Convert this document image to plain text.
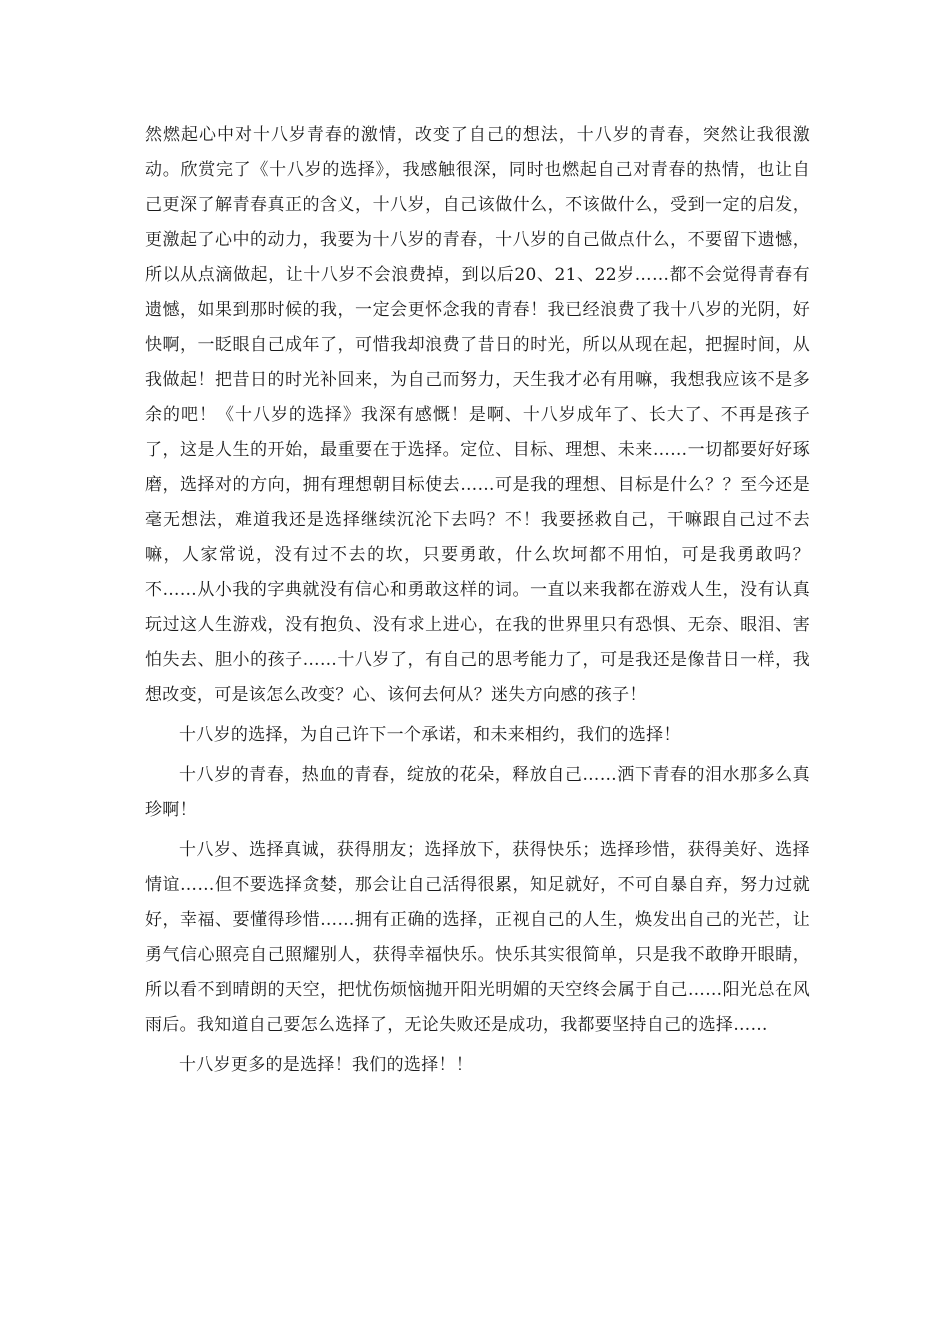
然燃起心中对十八岁青春的激情，改变了自己的想法，十八岁的青春，突然让我很激动。欣赏完了《十八岁的选择》，我感触很深，同时也燃起自己对青春的热情，也让自己更深了解青春真正的含义，十八岁，自己该做什么，不该做什么，受到一定的启发，更激起了心中的动力，我要为十八岁的青春，十八岁的自己做点什么，不要留下遗憾，所以从点滴做起，让十八岁不会浪费掉，到以后20、21、22岁……都不会觉得青春有遗憾，如果到那时候的我，一定会更怀念我的青春！我已经浪费了我十八岁的光阴，好快啊，一眨眼自己成年了，可惜我却浪费了昔日的时光，所以从现在起，把握时间，从我做起！把昔日的时光补回来，为自己而努力，天生我才必有用嘛，我想我应该不是多余的吧！《十八岁的选择》我深有感慨！是啊、十八岁成年了、长大了、不再是孩子了，这是人生的开始，最重要在于选择。定位、目标、理想、未来……一切都要好好琢磨，选择对的方向，拥有理想朝目标使去……可是我的理想、目标是什么？？至今还是毫无想法，难道我还是选择继续沉沦下去吗？不！我要拯救自己，干嘛跟自己过不去嘛，人家常说，没有过不去的坎，只要勇敢，什么坎坷都不用怕，可是我勇敢吗？不……从小我的字典就没有信心和勇敢这样的词。一直以来我都在游戏人生，没有认真玩过这人生游戏，没有抱负、没有求上进心，在我的世界里只有恐惧、无奈、眼泪、害怕失去、胆小的孩子……十八岁了，有自己的思考能力了，可是我还是像昔日一样，我想改变，可是该怎么改变？心、该何去何从？迷失方向感的孩子！

十八岁的选择，为自己许下一个承诺，和未来相约，我们的选择！

十八岁的青春，热血的青春，绽放的花朵，释放自己……洒下青春的泪水那多么真珍啊！

十八岁、选择真诚，获得朋友；选择放下，获得快乐；选择珍惜，获得美好、选择情谊……但不要选择贪婪，那会让自己活得很累，知足就好，不可自暴自弃，努力过就好，幸福、要懂得珍惜……拥有正确的选择，正视自己的人生，焕发出自己的光芒，让勇气信心照亮自己照耀别人，获得幸福快乐。快乐其实很简单，只是我不敢睁开眼睛，所以看不到晴朗的天空，把忧伤烦恼抛开阳光明媚的天空终会属于自己……阳光总在风雨后。我知道自己要怎么选择了，无论失败还是成功，我都要坚持自己的选择……

十八岁更多的是选择！我们的选择！！
